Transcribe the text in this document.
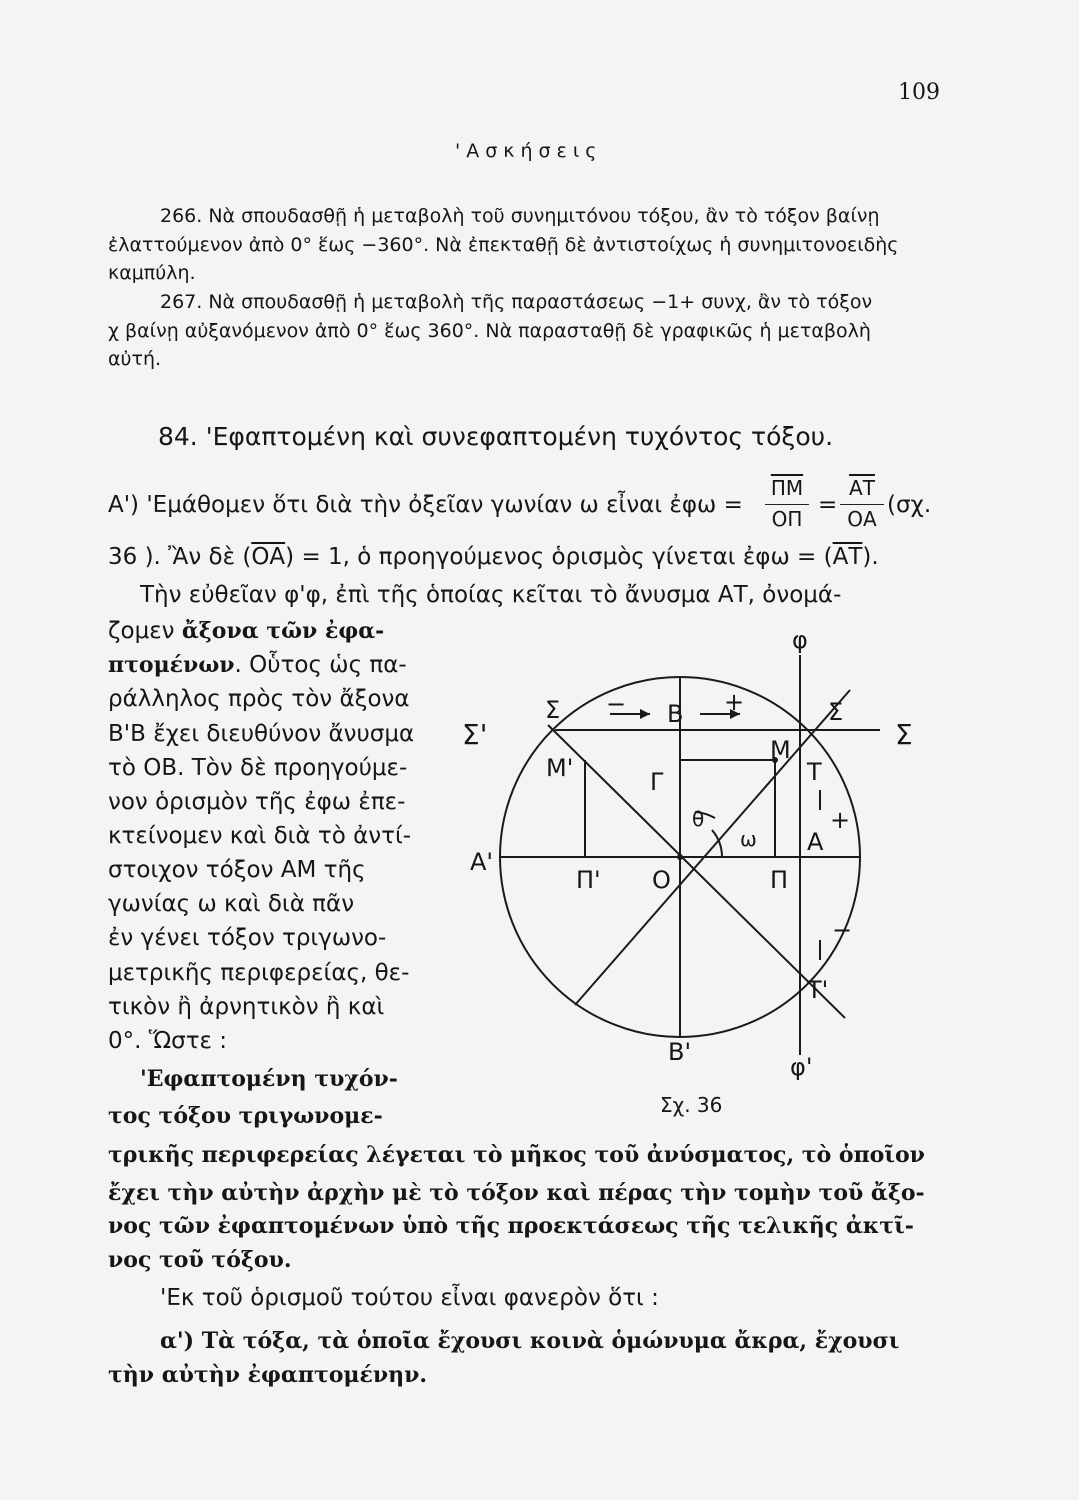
109
'Ασκήσεις
266. Νὰ σπουδασθῇ ἡ μεταβολὴ τοῦ συνημιτόνου τόξου, ἂν τὸ τόξον βαίνῃ
ἐλαττούμενον ἀπὸ 0° ἕως −360°. Νὰ ἐπεκταθῇ δὲ ἀντιστοίχως ἡ συνημιτονοειδὴς
καμπύλη.
267. Νὰ σπουδασθῇ ἡ μεταβολὴ τῆς παραστάσεως −1+ συνχ, ἂν τὸ τόξον
χ βαίνῃ αὐξανόμενον ἀπὸ 0° ἕως 360°. Νὰ παρασταθῇ δὲ γραφικῶς ἡ μεταβολὴ
αὐτή.
84. 'Εφαπτομένη καὶ συνεφαπτομένη τυχόντος τόξου.
Α') 'Εμάθομεν ὅτι διὰ τὴν ὀξεῖαν γωνίαν ω εἶναι ἐφω = $\frac{\overline{\Pi M}}{O\Pi} = \frac{\overline{AT}}{OA} (\sigma\chi$.
36 ). Ἂν δὲ $(\overline{OA}) = 1$, ὁ προηγούμενος ὁρισμὸς γίνεται ἐφω = $(\overline{AT})$.
Τὴν εὐθεῖαν φ'φ, ἐπὶ τῆς ὁποίας κεῖται τὸ ἄνυσμα ΑΤ, ὀνομά-
ζομεν ἄξονα τῶν ἐφα-
πτομένων. Οὗτος ὡς πα-
ράλληλος πρὸς τὸν ἄξονα
Β'Β ἔχει διευθύνον ἄνυσμα
τὸ ΟΒ. Τὸν δὲ προηγούμε-
νον ὁρισμὸν τῆς ἐφω ἐπε-
κτείνομεν καὶ διὰ τὸ ἀντί-
στοιχον τόξον ΑΜ τῆς
γωνίας ω καὶ διὰ πᾶν
ἐν γένει τόξον τριγωνο-
μετρικῆς περιφερείας, θε-
τικὸν ἢ ἀρνητικὸν ἢ καὶ
0°. Ὥστε :
'Εφαπτομένη τυχόν-
τος τόξου τριγωνομε-
τρικῆς περιφερείας λέγεται τὸ μῆκος τοῦ ἀνύσματος, τὸ ὁποῖον
ἔχει τὴν αὐτὴν ἀρχὴν μὲ τὸ τόξον καὶ πέρας τὴν τομὴν τοῦ ἄξο-
νος τῶν ἐφαπτομένων ὑπὸ τῆς προεκτάσεως τῆς τελικῆς ἀκτῖ-
νος τοῦ τόξου.
'Εκ τοῦ ὁρισμοῦ τούτου εἶναι φανερὸν ὅτι :
α') Τὰ τόξα, τὰ ὁποῖα ἔχουσι κοινὰ ὁμώνυμα ἄκρα, ἔχουσι
τὴν αὐτὴν ἐφαπτομένην.
φ
φ'
Σ'
Σ	Σ
Σ
Β
Β'
Α
Α'
Ο	Π
Π'
Μ
Μ'	Γ	Τ
Τ'
θ
ω
−	+
+
−
Σχ. 36
